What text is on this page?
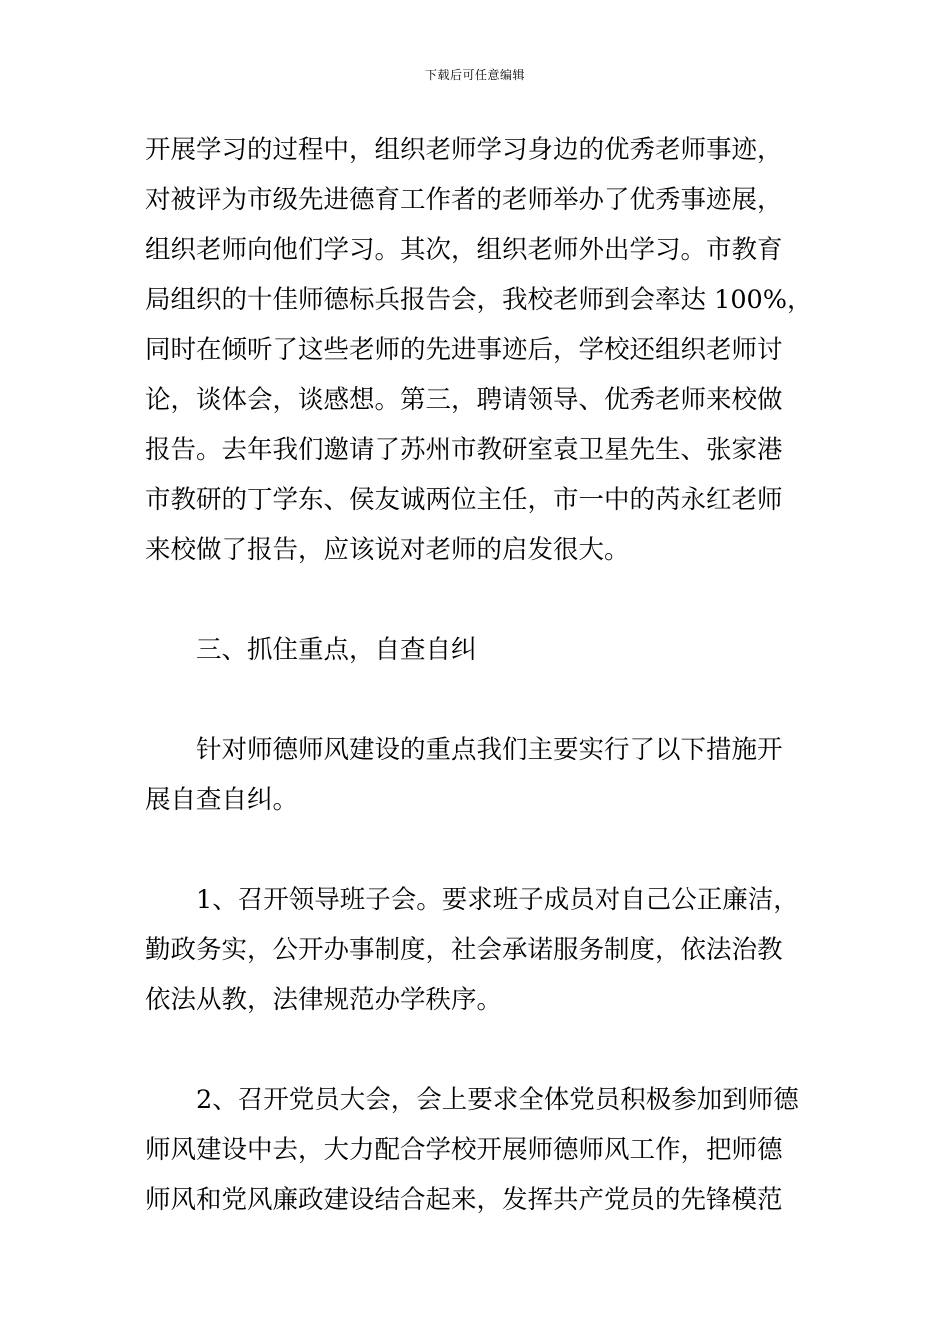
下载后可任意编辑
开展学习的过程中，组织老师学习身边的优秀老师事迹，
对被评为市级先进德育工作者的老师举办了优秀事迹展，
组织老师向他们学习。其次，组织老师外出学习。市教育
局组织的十佳师德标兵报告会，我校老师到会率达 100%，
同时在倾听了这些老师的先进事迹后，学校还组织老师讨
论，谈体会，谈感想。第三，聘请领导、优秀老师来校做
报告。去年我们邀请了苏州市教研室袁卫星先生、张家港
市教研的丁学东、侯友诚两位主任，市一中的芮永红老师
来校做了报告，应该说对老师的启发很大。
三、抓住重点，自查自纠
针对师德师风建设的重点我们主要实行了以下措施开
展自查自纠。
1、召开领导班子会。要求班子成员对自己公正廉洁，
勤政务实，公开办事制度，社会承诺服务制度，依法治教
依法从教，法律规范办学秩序。
2、召开党员大会，会上要求全体党员积极参加到师德
师风建设中去，大力配合学校开展师德师风工作，把师德
师风和党风廉政建设结合起来，发挥共产党员的先锋模范
